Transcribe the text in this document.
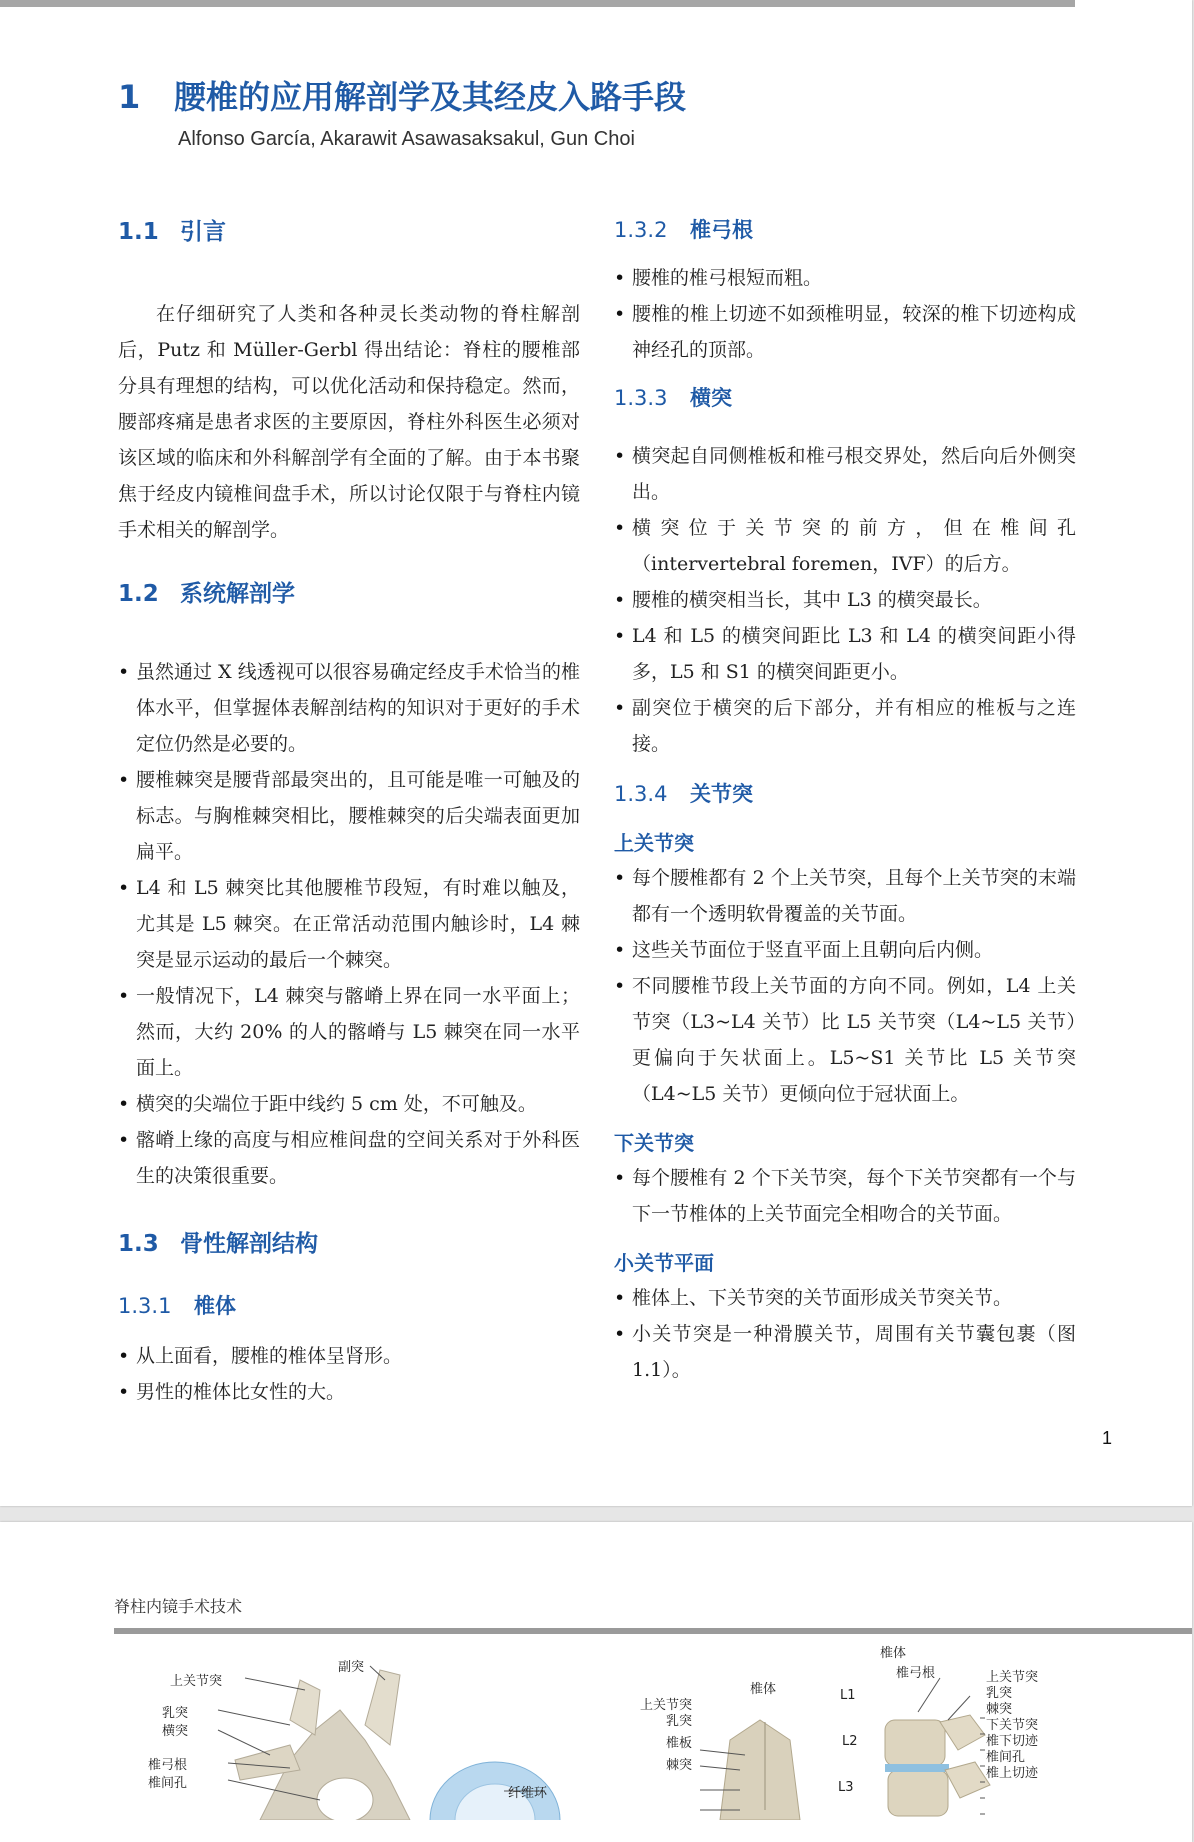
1 腰椎的应用解剖学及其经皮入路手段

Alfonso García, Akarawit Asawasaksakul, Gun Choi

1.1 引言

在仔细研究了人类和各种灵长类动物的脊柱解剖后，Putz 和 Müller-Gerbl 得出结论：脊柱的腰椎部分具有理想的结构，可以优化活动和保持稳定。然而，腰部疼痛是患者求医的主要原因，脊柱外科医生必须对该区域的临床和外科解剖学有全面的了解。由于本书聚焦于经皮内镜椎间盘手术，所以讨论仅限于与脊柱内镜手术相关的解剖学。

1.2 系统解剖学
• 虽然通过 X 线透视可以很容易确定经皮手术恰当的椎体水平，但掌握体表解剖结构的知识对于更好的手术定位仍然是必要的。
• 腰椎棘突是腰背部最突出的，且可能是唯一可触及的标志。与胸椎棘突相比，腰椎棘突的后尖端表面更加扁平。
• L4 和 L5 棘突比其他腰椎节段短，有时难以触及，尤其是 L5 棘突。在正常活动范围内触诊时，L4 棘突是显示运动的最后一个棘突。
• 一般情况下，L4 棘突与髂嵴上界在同一水平面上；然而，大约 20% 的人的髂嵴与 L5 棘突在同一水平面上。
• 横突的尖端位于距中线约 5 cm 处，不可触及。
• 髂嵴上缘的高度与相应椎间盘的空间关系对于外科医生的决策很重要。
1.3 骨性解剖结构
1.3.1 椎体
• 从上面看，腰椎的椎体呈肾形。
• 男性的椎体比女性的大。
1.3.2 椎弓根
• 腰椎的椎弓根短而粗。
• 腰椎的椎上切迹不如颈椎明显，较深的椎下切迹构成神经孔的顶部。
1.3.3 横突
• 横突起自同侧椎板和椎弓根交界处，然后向后外侧突出。
• 横突位于关节突的前方，但在椎间孔（intervertebral foremen，IVF）的后方。
• 腰椎的横突相当长，其中 L3 的横突最长。
• L4 和 L5 的横突间距比 L3 和 L4 的横突间距小得多，L5 和 S1 的横突间距更小。
• 副突位于横突的后下部分，并有相应的椎板与之连接。
1.3.4 关节突
上关节突
• 每个腰椎都有 2 个上关节突，且每个上关节突的末端都有一个透明软骨覆盖的关节面。
• 这些关节面位于竖直平面上且朝向后内侧。
• 不同腰椎节段上关节面的方向不同。例如，L4 上关节突（L3~L4 关节）比 L5 关节突（L4~L5 关节）更偏向于矢状面上。L5~S1 关节比 L5 关节突（L4~L5 关节）更倾向位于冠状面上。
下关节突
• 每个腰椎有 2 个下关节突，每个下关节突都有一个与下一节椎体的上关节面完全相吻合的关节面。
小关节平面
• 椎体上、下关节突的关节面形成关节突关节。
• 小关节突是一种滑膜关节，周围有关节囊包裹（图 1.1）。
1

脊柱内镜手术技术

上关节突
副突
乳突
横突
椎弓根
椎间孔
纤维环
椎体
椎弓根
椎体
上关节突
乳突
椎板
棘突
L1
L2
L3
上关节突
乳突
棘突
下关节突
椎下切迹
椎间孔
椎上切迹
